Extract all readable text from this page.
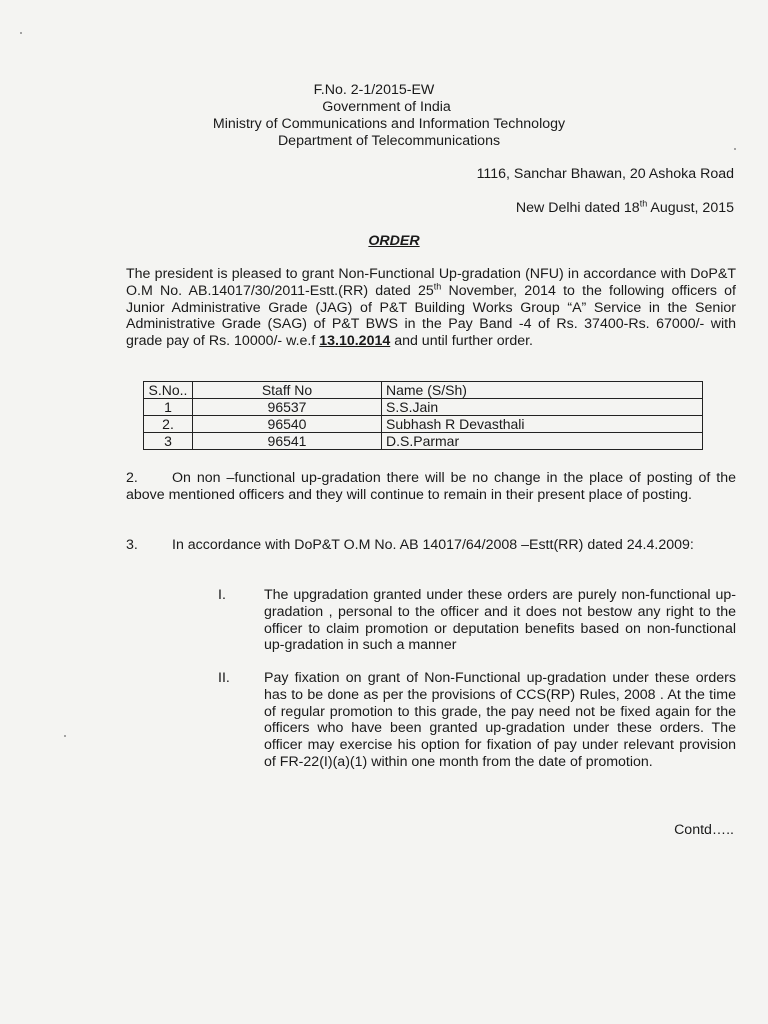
F.No. 2-1/2015-EW
Government of India
Ministry of Communications and Information Technology
Department of Telecommunications
1116, Sanchar Bhawan, 20 Ashoka Road
New Delhi dated 18th August, 2015
ORDER
The president is pleased to grant Non-Functional Up-gradation (NFU) in accordance with DoP&T O.M No. AB.14017/30/2011-Estt.(RR) dated 25th November, 2014 to the following officers of Junior Administrative Grade (JAG) of P&T Building Works Group “A” Service in the Senior Administrative Grade (SAG) of P&T BWS in the Pay Band -4 of Rs. 37400-Rs. 67000/- with grade pay of Rs. 10000/- w.e.f 13.10.2014 and until further order.
S.No..	Staff No	Name (S/Sh)
1	96537	S.S.Jain
2.	96540	Subhash R Devasthali
3	96541	D.S.Parmar
2. On non –functional up-gradation there will be no change in the place of posting of the above mentioned officers and they will continue to remain in their present place of posting.
3. In accordance with DoP&T O.M No. AB 14017/64/2008 –Estt(RR) dated 24.4.2009:
I.	The upgradation granted under these orders are purely non-functional up-gradation , personal to the officer and it does not bestow any right to the officer to claim promotion or deputation benefits based on non-functional up-gradation in such a manner
II.	Pay fixation on grant of Non-Functional up-gradation under these orders has to be done as per the provisions of CCS(RP) Rules, 2008 . At the time of regular promotion to this grade, the pay need not be fixed again for the officers who have been granted up-gradation under these orders. The officer may exercise his option for fixation of pay under relevant provision of FR-22(I)(a)(1) within one month from the date of promotion.
Contd…..
